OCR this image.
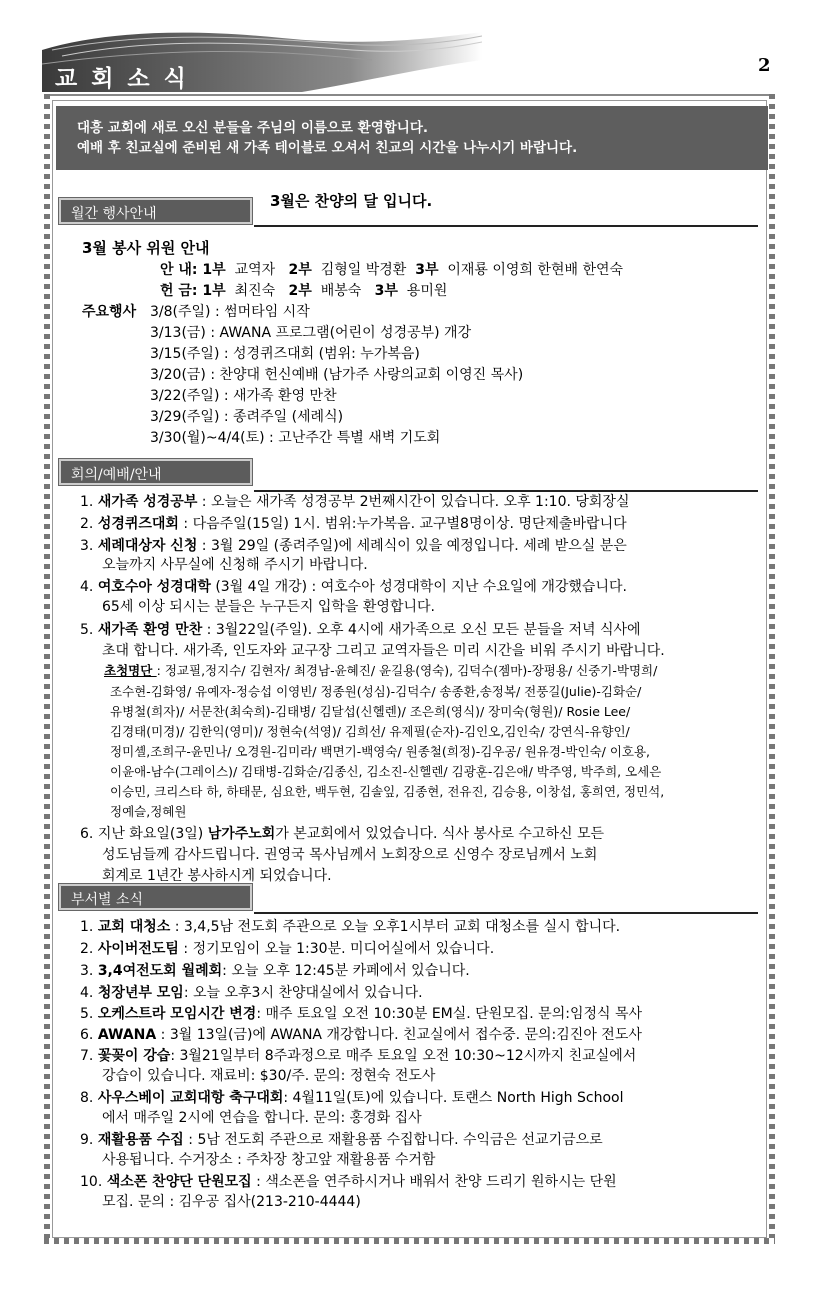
교회소식
2
대흥 교회에 새로 오신 분들을 주님의 이름으로 환영합니다.
예배 후 친교실에 준비된 새 가족 테이블로 오셔서 친교의 시간을 나누시기 바랍니다.
월간 행사안내
3월은 찬양의 달 입니다.
3월 봉사 위원 안내
안 내: 1부 교역자 2부 김형일 박경환 3부 이재룡 이영희 한현배 한연숙
헌 금: 1부 최진숙 2부 배봉숙 3부 용미원
주요행사 3/8(주일) : 썸머타임 시작
3/13(금) : AWANA 프로그램(어린이 성경공부) 개강
3/15(주일) : 성경퀴즈대회 (범위: 누가복음)
3/20(금) : 찬양대 헌신예배 (남가주 사랑의교회 이영진 목사)
3/22(주일) : 새가족 환영 만찬
3/29(주일) : 종려주일 (세례식)
3/30(월)~4/4(토) : 고난주간 특별 새벽 기도회
회의/예배/안내
1. 새가족 성경공부 : 오늘은 새가족 성경공부 2번째시간이 있습니다. 오후 1:10. 당회장실
2. 성경퀴즈대회 : 다음주일(15일) 1시. 범위:누가복음. 교구별8명이상. 명단제출바랍니다
3. 세례대상자 신청 : 3월 29일 (종려주일)에 세례식이 있을 예정입니다. 세례 받으실 분은
오늘까지 사무실에 신청해 주시기 바랍니다.
4. 여호수아 성경대학 (3월 4일 개강) : 여호수아 성경대학이 지난 수요일에 개강했습니다.
65세 이상 되시는 분들은 누구든지 입학을 환영합니다.
5. 새가족 환영 만찬 : 3월22일(주일). 오후 4시에 새가족으로 오신 모든 분들을 저녁 식사에
초대 합니다. 새가족, 인도자와 교구장 그리고 교역자들은 미리 시간을 비워 주시기 바랍니다.
초청명단 : 정교필,정지수/ 김현자/ 최경남-윤혜진/ 윤길용(영숙), 김덕수(젬마)-장평용/ 신중기-박명희/
조수현-김화영/ 유예자-정승섭 이영빈/ 정종원(성심)-김덕수/ 송종환,송정복/ 전풍길(Julie)-김화순/
유병철(희자)/ 서문찬(최숙희)-김태병/ 김달섭(신혤렌)/ 조은희(영식)/ 장미숙(형원)/ Rosie Lee/
김경태(미경)/ 김한익(영미)/ 정현숙(석영)/ 김희선/ 유제필(순자)-김인오,김인숙/ 강연식-유향인/
정미셸,조희구-윤민나/ 오경원-김미라/ 백면기-백영숙/ 원종철(희정)-김우공/ 원유경-박인숙/ 이호용,
이윤애-남수(그레이스)/ 김태병-김화순/김종신, 김소진-신헬렌/ 김광훈-김은애/ 박주영, 박주희, 오세은
이승민, 크리스타 하, 하태문, 심요한, 백두현, 김솔잎, 김종현, 전유진, 김승용, 이창섭, 홍희연, 정민석,
정예슬,정혜원
6. 지난 화요일(3일) 남가주노회가 본교회에서 있었습니다. 식사 봉사로 수고하신 모든
성도님들께 감사드립니다. 권영국 목사님께서 노회장으로 신영수 장로님께서 노회
회계로 1년간 봉사하시게 되었습니다.
부서별 소식
1. 교회 대청소 : 3,4,5남 전도회 주관으로 오늘 오후1시부터 교회 대청소를 실시 합니다.
2. 사이버전도팀 : 정기모임이 오늘 1:30분. 미디어실에서 있습니다.
3. 3,4여전도회 월례회: 오늘 오후 12:45분 카페에서 있습니다.
4. 청장년부 모임: 오늘 오후3시 찬양대실에서 있습니다.
5. 오케스트라 모임시간 변경: 매주 토요일 오전 10:30분 EM실. 단원모집. 문의:임정식 목사
6. AWANA : 3월 13일(금)에 AWANA 개강합니다. 친교실에서 접수중. 문의:김진아 전도사
7. 꽃꽂이 강습: 3월21일부터 8주과정으로 매주 토요일 오전 10:30~12시까지 친교실에서
강습이 있습니다. 재료비: $30/주. 문의: 정현숙 전도사
8. 사우스베이 교회대항 축구대회: 4월11일(토)에 있습니다. 토랜스 North High School
에서 매주일 2시에 연습을 합니다. 문의: 홍경화 집사
9. 재활용품 수집 : 5남 전도회 주관으로 재활용품 수집합니다. 수익금은 선교기금으로
사용됩니다. 수거장소 : 주차장 창고앞 재활용품 수거함
10. 색소폰 찬양단 단원모집 : 색소폰을 연주하시거나 배워서 찬양 드리기 원하시는 단원
모집. 문의 : 김우공 집사(213-210-4444)
